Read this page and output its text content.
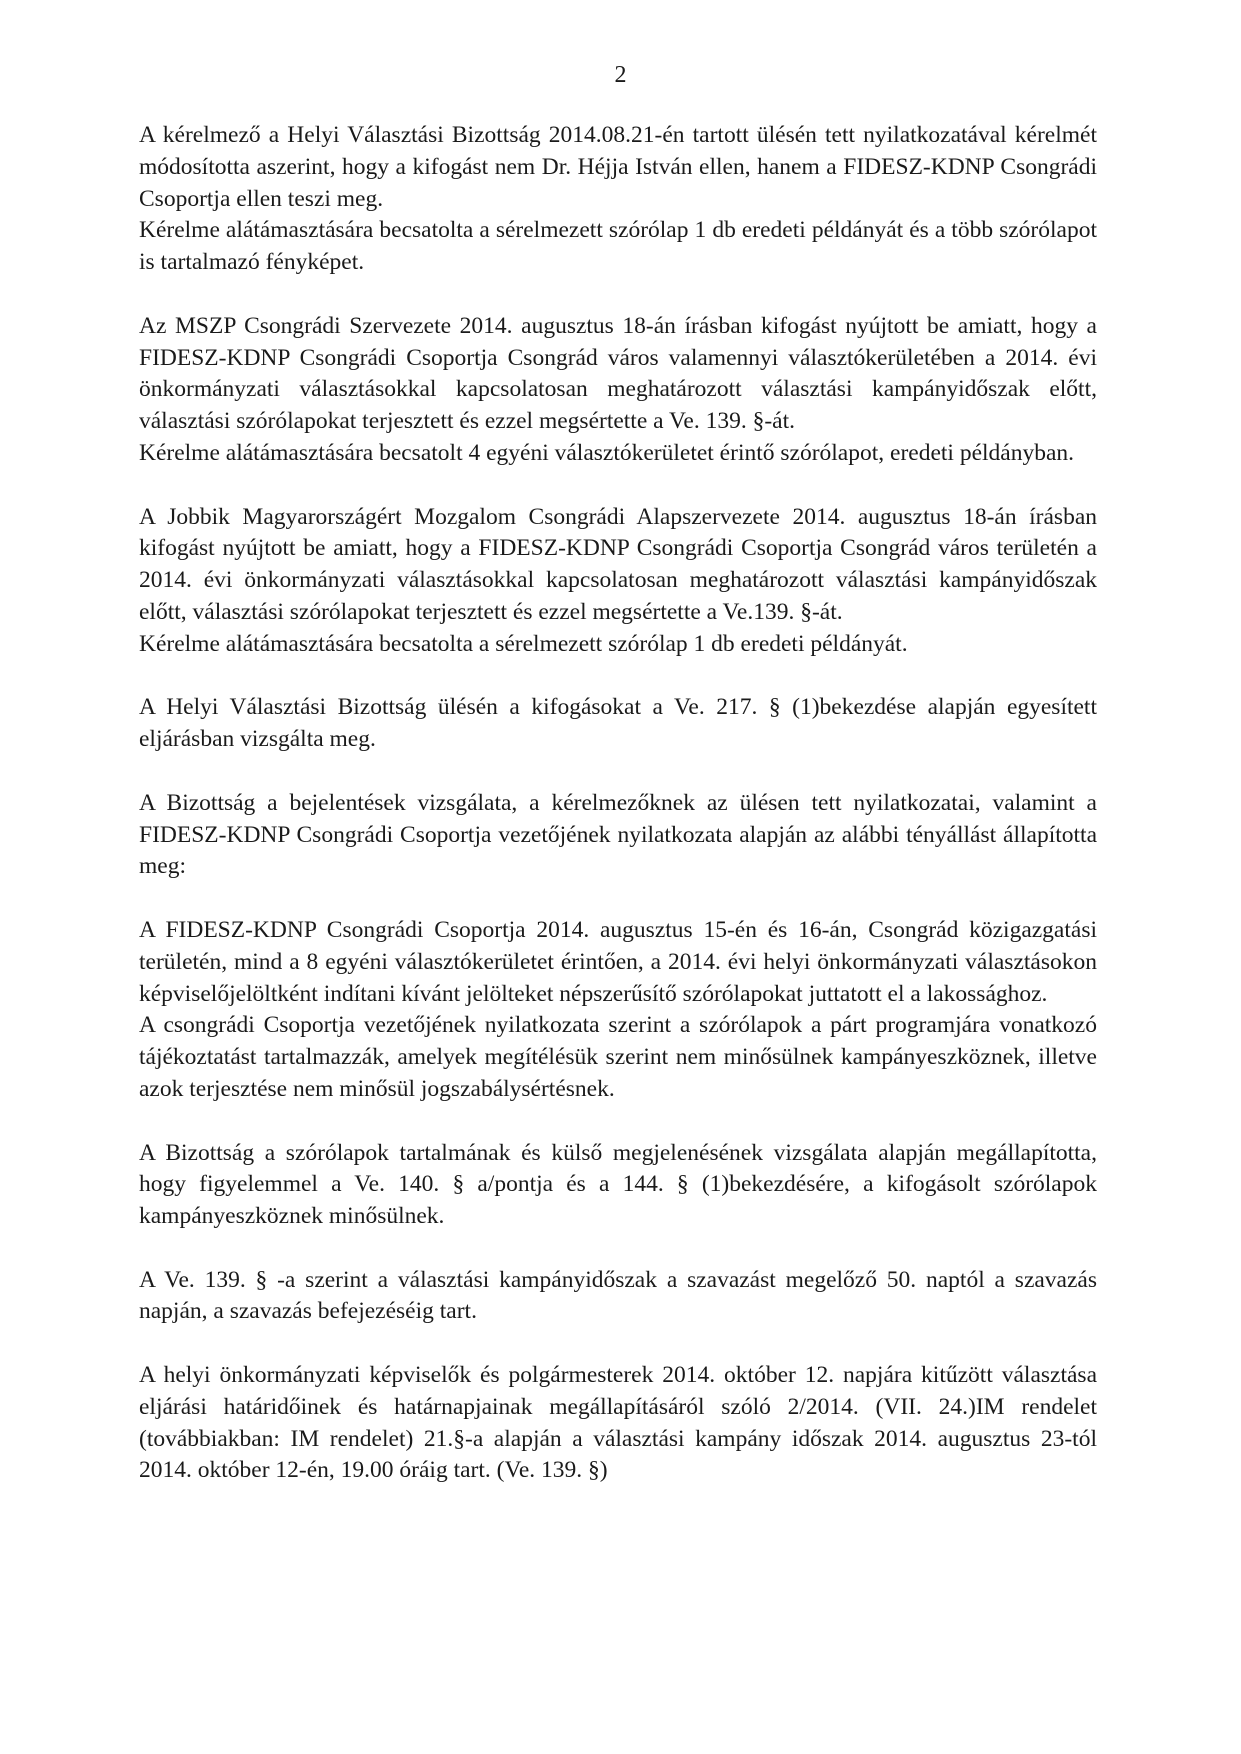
2

A kérelmező a Helyi Választási Bizottság 2014.08.21-én tartott ülésén tett nyilatkozatával kérelmét módosította aszerint, hogy a kifogást nem Dr. Héjja István ellen, hanem a FIDESZ-KDNP Csongrádi Csoportja ellen teszi meg.

Kérelme alátámasztására becsatolta a sérelmezett szórólap 1 db eredeti példányát és a több szórólapot is tartalmazó fényképet.

Az MSZP Csongrádi Szervezete 2014. augusztus 18-án írásban kifogást nyújtott be amiatt, hogy a FIDESZ-KDNP Csongrádi Csoportja Csongrád város valamennyi választókerületében a 2014. évi önkormányzati választásokkal kapcsolatosan meghatározott választási kampányidőszak előtt, választási szórólapokat terjesztett és ezzel megsértette a Ve. 139. §-át.

Kérelme alátámasztására becsatolt 4 egyéni választókerületet érintő szórólapot, eredeti példányban.

A Jobbik Magyarországért Mozgalom Csongrádi Alapszervezete 2014. augusztus 18-án írásban kifogást nyújtott be amiatt, hogy a FIDESZ-KDNP Csongrádi Csoportja Csongrád város területén a 2014. évi önkormányzati választásokkal kapcsolatosan meghatározott választási kampányidőszak előtt, választási szórólapokat terjesztett és ezzel megsértette a Ve.139. §-át.

Kérelme alátámasztására becsatolta a sérelmezett szórólap 1 db eredeti példányát.

A Helyi Választási Bizottság ülésén a kifogásokat a Ve. 217. § (1)bekezdése alapján egyesített eljárásban vizsgálta meg.

A Bizottság a bejelentések vizsgálata, a kérelmezőknek az ülésen tett nyilatkozatai, valamint a FIDESZ-KDNP Csongrádi Csoportja vezetőjének nyilatkozata alapján az alábbi tényállást állapította meg:

A FIDESZ-KDNP Csongrádi Csoportja 2014. augusztus 15-én és 16-án, Csongrád közigazgatási területén, mind a 8 egyéni választókerületet érintően, a 2014. évi helyi önkormányzati választásokon képviselőjelöltként indítani kívánt jelölteket népszerűsítő szórólapokat juttatott el a lakossághoz.

A csongrádi Csoportja vezetőjének nyilatkozata szerint a szórólapok a párt programjára vonatkozó tájékoztatást tartalmazzák, amelyek megítélésük szerint nem minősülnek kampányeszköznek, illetve azok terjesztése nem minősül jogszabálysértésnek.

A Bizottság a szórólapok tartalmának és külső megjelenésének vizsgálata alapján megállapította, hogy figyelemmel a Ve. 140. § a/pontja és a 144. § (1)bekezdésére, a kifogásolt szórólapok kampányeszköznek minősülnek.

A Ve. 139. § -a szerint a választási kampányidőszak a szavazást megelőző 50. naptól a szavazás napján, a szavazás befejezéséig tart.

A helyi önkormányzati képviselők és polgármesterek 2014. október 12. napjára kitűzött választása eljárási határidőinek és határnapjainak megállapításáról szóló 2/2014. (VII. 24.)IM rendelet (továbbiakban: IM rendelet) 21.§-a alapján a választási kampány időszak 2014. augusztus 23-tól 2014. október 12-én, 19.00 óráig tart. (Ve. 139. §)
